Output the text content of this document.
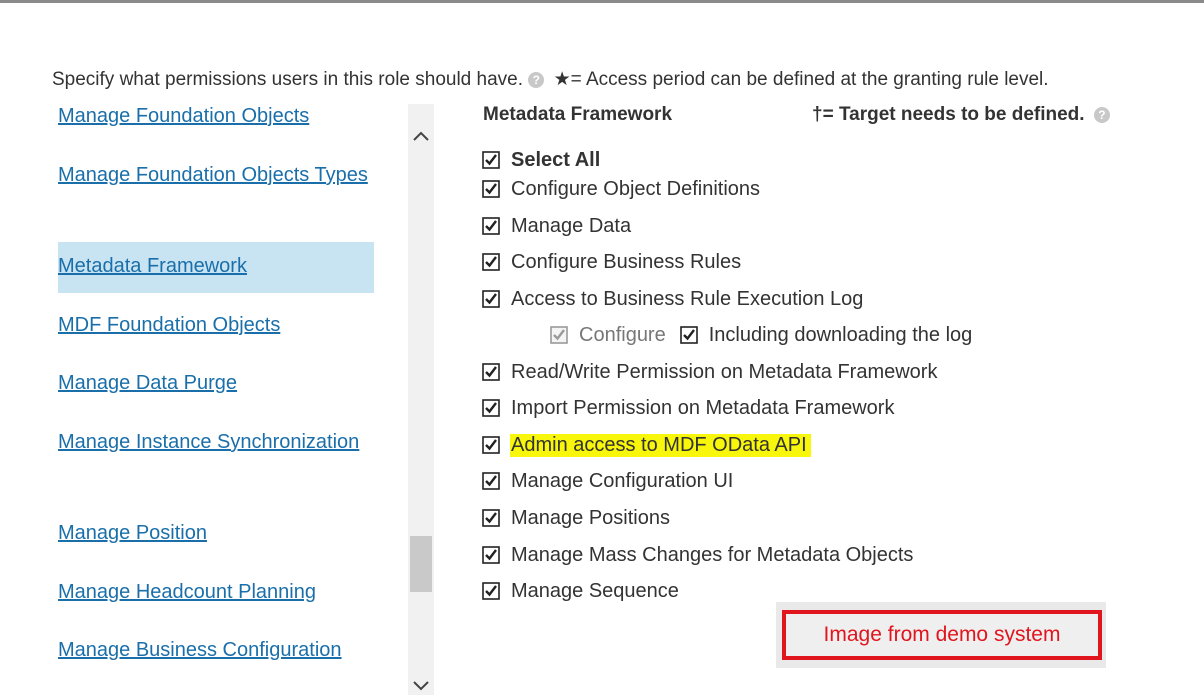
Specify what permissions users in this role should have. ? ★= Access period can be defined at the granting rule level.
Manage Foundation Objects
Manage Foundation Objects Types
Metadata Framework
MDF Foundation Objects
Manage Data Purge
Manage Instance Synchronization
Manage Position
Manage Headcount Planning
Manage Business Configuration
Metadata Framework	†= Target needs to be defined. ?
Select All
Configure Object Definitions
Manage Data
Configure Business Rules
Access to Business Rule Execution Log
Configure Including downloading the log
Read/Write Permission on Metadata Framework
Import Permission on Metadata Framework
Admin access to MDF OData API
Manage Configuration UI
Manage Positions
Manage Mass Changes for Metadata Objects
Manage Sequence
Image from demo system
